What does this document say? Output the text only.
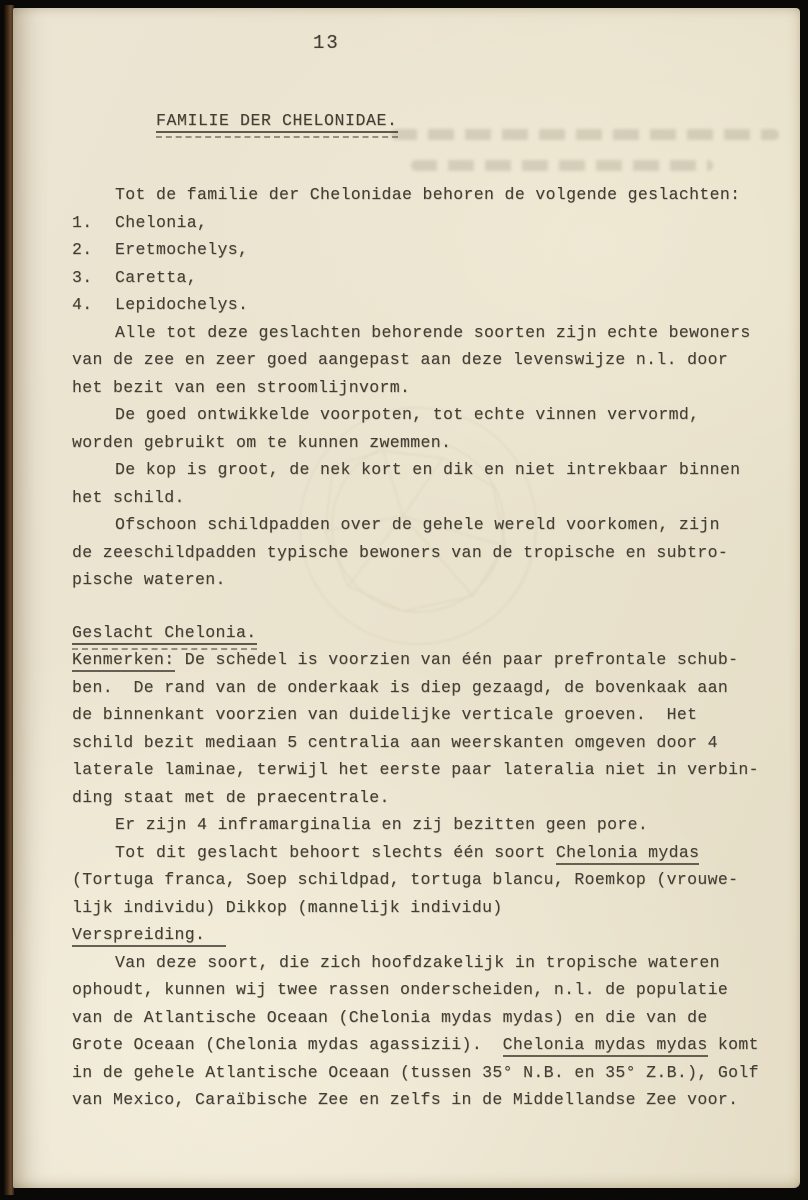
13

FAMILIE DER CHELONIDAE.

Tot de familie der Chelonidae behoren de volgende geslachten:
1. Chelonia,
2. Eretmochelys,
3. Caretta,
4. Lepidochelys.
Alle tot deze geslachten behorende soorten zijn echte bewoners
van de zee en zeer goed aangepast aan deze levenswijze n.l. door
het bezit van een stroomlijnvorm.
De goed ontwikkelde voorpoten, tot echte vinnen vervormd,
worden gebruikt om te kunnen zwemmen.
De kop is groot, de nek kort en dik en niet intrekbaar binnen
het schild.
Ofschoon schildpadden over de gehele wereld voorkomen, zijn
de zeeschildpadden typische bewoners van de tropische en subtro-
pische wateren.
Geslacht Chelonia.
Kenmerken: De schedel is voorzien van één paar prefrontale schub-
ben.  De rand van de onderkaak is diep gezaagd, de bovenkaak aan
de binnenkant voorzien van duidelijke verticale groeven.  Het
schild bezit mediaan 5 centralia aan weerskanten omgeven door 4
laterale laminae, terwijl het eerste paar lateralia niet in verbin-
ding staat met de praecentrale.
Er zijn 4 inframarginalia en zij bezitten geen pore.
Tot dit geslacht behoort slechts één soort Chelonia mydas
(Tortuga franca, Soep schildpad, tortuga blancu, Roemkop (vrouwe-
lijk individu) Dikkop (mannelijk individu)
Verspreiding.
Van deze soort, die zich hoofdzakelijk in tropische wateren
ophoudt, kunnen wij twee rassen onderscheiden, n.l. de populatie
van de Atlantische Oceaan (Chelonia mydas mydas) en die van de
Grote Oceaan (Chelonia mydas agassizii).  Chelonia mydas mydas komt
in de gehele Atlantische Oceaan (tussen 35° N.B. en 35° Z.B.), Golf
van Mexico, Caraïbische Zee en zelfs in de Middellandse Zee voor.
